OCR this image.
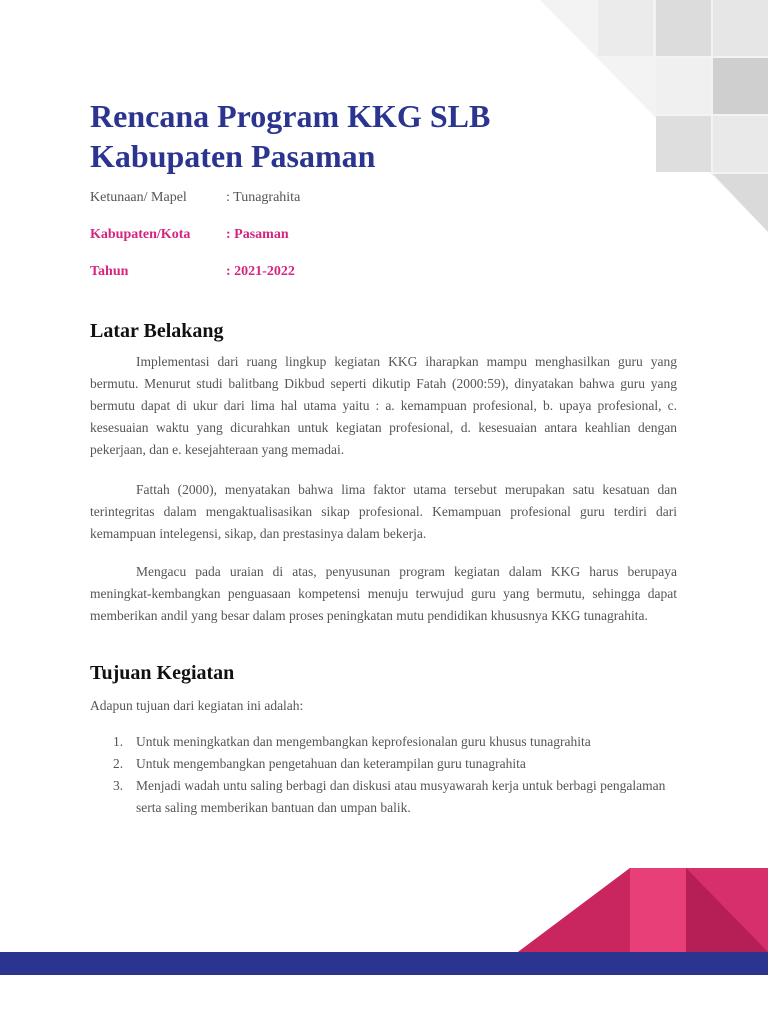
Rencana Program KKG SLB
Kabupaten Pasaman
Ketunaan/ Mapel	: Tunagrahita
Kabupaten/Kota	: Pasaman
Tahun	: 2021-2022
Latar Belakang

Implementasi dari ruang lingkup kegiatan KKG iharapkan mampu menghasilkan guru yang bermutu. Menurut studi balitbang Dikbud seperti dikutip Fatah (2000:59), dinyatakan bahwa guru yang bermutu dapat di ukur dari lima hal utama yaitu : a. kemampuan profesional, b. upaya profesional, c. kesesuaian waktu yang dicurahkan untuk kegiatan profesional, d. kesesuaian antara keahlian dengan pekerjaan, dan e. kesejahteraan yang memadai.

Fattah (2000), menyatakan bahwa lima faktor utama tersebut merupakan satu kesatuan dan terintegritas dalam mengaktualisasikan sikap profesional. Kemampuan profesional guru terdiri dari kemampuan intelegensi, sikap, dan prestasinya dalam bekerja.

Mengacu pada uraian di atas, penyusunan program kegiatan dalam KKG harus berupaya meningkat-kembangkan penguasaan kompetensi menuju terwujud guru yang bermutu, sehingga dapat memberikan andil yang besar dalam proses peningkatan mutu pendidikan khususnya KKG tunagrahita.

Tujuan Kegiatan

Adapun tujuan dari kegiatan ini adalah:

1. Untuk meningkatkan dan mengembangkan keprofesionalan guru khusus tunagrahita
2. Untuk mengembangkan pengetahuan dan keterampilan guru tunagrahita
3. Menjadi wadah untu saling berbagi dan diskusi atau musyawarah kerja untuk berbagi pengalaman serta saling memberikan bantuan dan umpan balik.
